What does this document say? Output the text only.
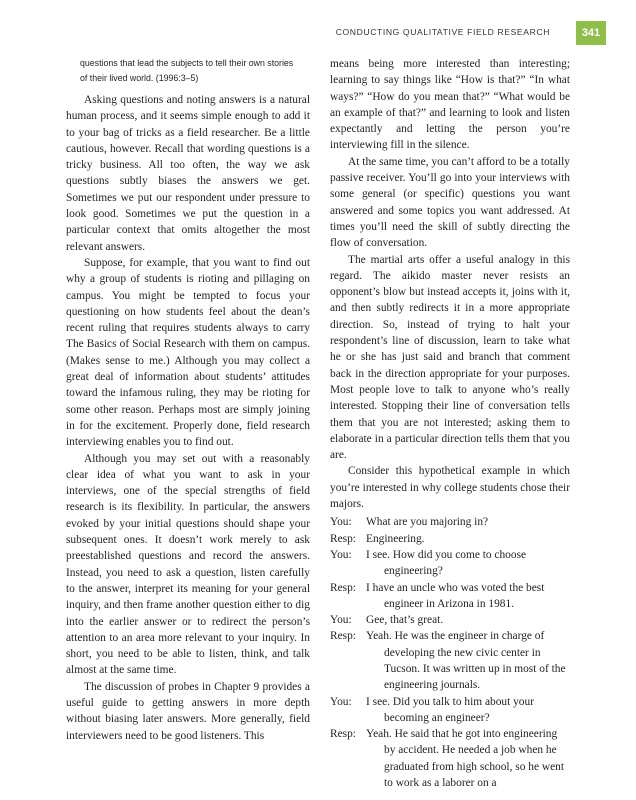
CONDUCTING QUALITATIVE FIELD RESEARCH	341
questions that lead the subjects to tell their own stories of their lived world. (1996:3–5)

Asking questions and noting answers is a natural human process, and it seems simple enough to add it to your bag of tricks as a field researcher. Be a little cautious, however. Recall that wording questions is a tricky business. All too often, the way we ask questions subtly biases the answers we get. Sometimes we put our respondent under pressure to look good. Sometimes we put the question in a particular context that omits altogether the most relevant answers.

Suppose, for example, that you want to find out why a group of students is rioting and pillaging on campus. You might be tempted to focus your questioning on how students feel about the dean’s recent ruling that requires students always to carry The Basics of Social Research with them on campus. (Makes sense to me.) Although you may collect a great deal of information about students’ attitudes toward the infamous ruling, they may be rioting for some other reason. Perhaps most are simply joining in for the excitement. Properly done, field research interviewing enables you to find out.

Although you may set out with a reasonably clear idea of what you want to ask in your interviews, one of the special strengths of field research is its flexibility. In particular, the answers evoked by your initial questions should shape your subsequent ones. It doesn’t work merely to ask preestablished questions and record the answers. Instead, you need to ask a question, listen carefully to the answer, interpret its meaning for your general inquiry, and then frame another question either to dig into the earlier answer or to redirect the person’s attention to an area more relevant to your inquiry. In short, you need to be able to listen, think, and talk almost at the same time.

The discussion of probes in Chapter 9 provides a useful guide to getting answers in more depth without biasing later answers. More generally, field interviewers need to be good listeners. This

means being more interested than interesting; learning to say things like “How is that?” “In what ways?” “How do you mean that?” “What would be an example of that?” and learning to look and listen expectantly and letting the person you’re interviewing fill in the silence.

At the same time, you can’t afford to be a totally passive receiver. You’ll go into your interviews with some general (or specific) questions you want answered and some topics you want addressed. At times you’ll need the skill of subtly directing the flow of conversation.

The martial arts offer a useful analogy in this regard. The aikido master never resists an opponent’s blow but instead accepts it, joins with it, and then subtly redirects it in a more appropriate direction. So, instead of trying to halt your respondent’s line of discussion, learn to take what he or she has just said and branch that comment back in the direction appropriate for your purposes. Most people love to talk to anyone who’s really interested. Stopping their line of conversation tells them that you are not interested; asking them to elaborate in a particular direction tells them that you are.

Consider this hypothetical example in which you’re interested in why college students chose their majors.

You:	What are you majoring in?
Resp: Engineering.
You:	I see. How did you come to choose engineering?
Resp: I have an uncle who was voted the best engineer in Arizona in 1981.
You:	Gee, that’s great.
Resp: Yeah. He was the engineer in charge of developing the new civic center in Tucson. It was written up in most of the engineering journals.
You:	I see. Did you talk to him about your becoming an engineer?
Resp: Yeah. He said that he got into engineering by accident. He needed a job when he graduated from high school, so he went to work as a laborer on a
